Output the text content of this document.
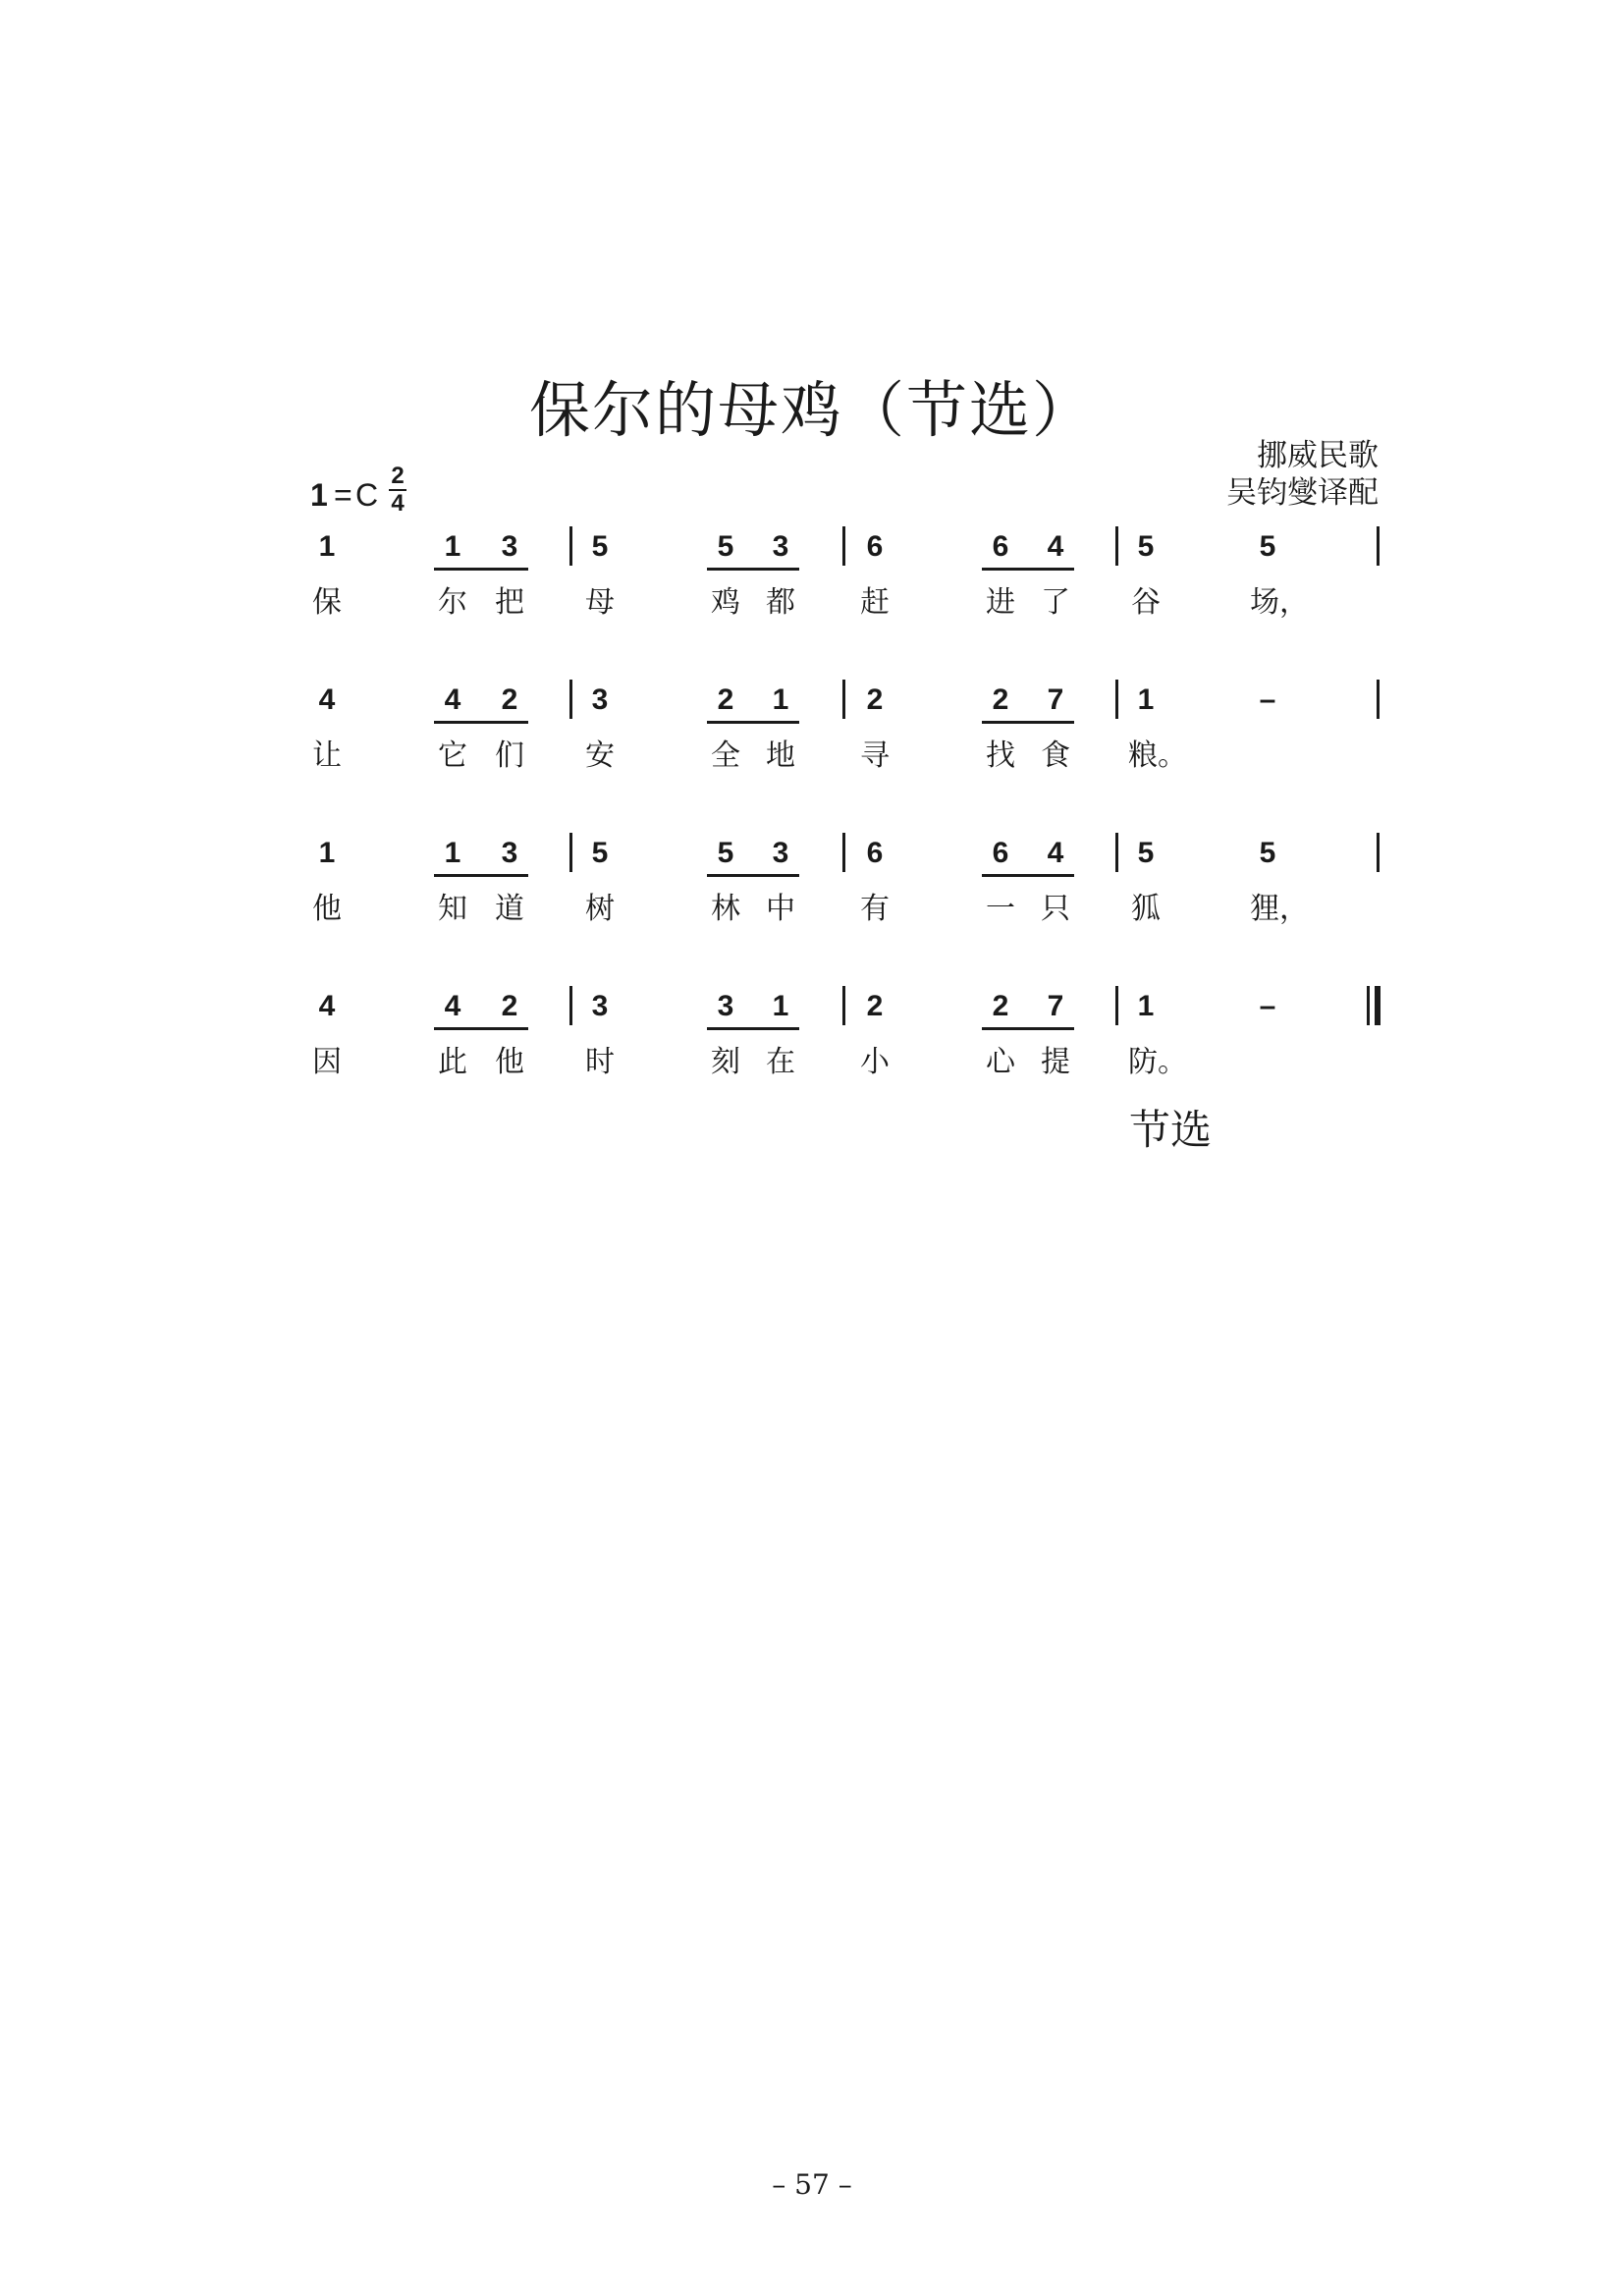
保尔的母鸡（节选）
挪威民歌
吴钧燮译配
1 = C
2
4
1	1 3	5	5 3	6	6 4	5	5
保	尔 把 母	鸡 都 赶	进 了 谷	场，
4	4 2	3	2 1	2	2 7	1	–
让	它 们 安	全 地 寻	找 食 粮。
1	1 3	5	5 3	6	6 4	5	5
他	知 道 树	林 中 有	一 只 狐	狸，
4	4 2	3	3 1	2	2 7	1	–
因	此 他 时	刻 在 小	心 提 防。
节选
– 57 –
